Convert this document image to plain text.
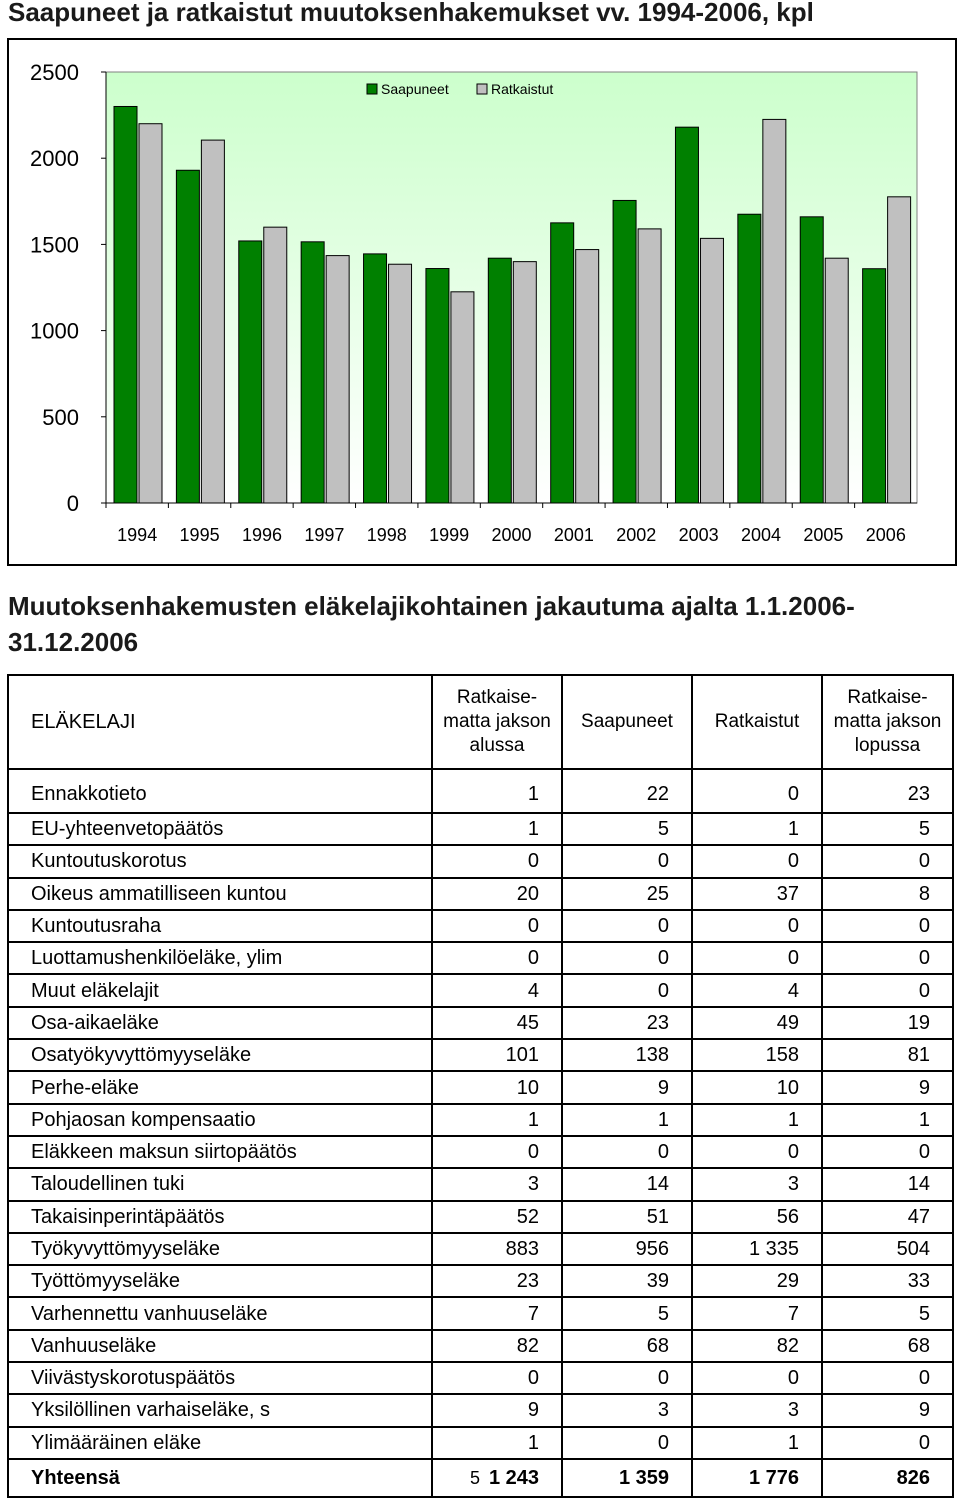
Saapuneet ja ratkaistut muutoksenhakemukset vv. 1994-2006, kpl
0
500
1000
1500
2000
2500
1994 1995 1996 1997 1998 1999 2000 2001 2002 2003 2004 2005 2006
Saapuneet	Ratkaistut
Muutoksenhakemusten eläkelajikohtainen jakautuma ajalta 1.1.2006- 31.12.2006
ELÄKELAJI	Ratkaise-
matta jakson
alussa	Saapuneet	Ratkaistut	Ratkaise-
matta jakson
lopussa
Ennakkotieto	1	22	0	23
EU-yhteenvetopäätös	1	5	1	5
Kuntoutuskorotus	0	0	0	0
Oikeus ammatilliseen kuntou	20	25	37	8
Kuntoutusraha	0	0	0	0
Luottamushenkilöeläke, ylim	0	0	0	0
Muut eläkelajit	4	0	4	0
Osa-aikaeläke	45	23	49	19
Osatyökyvyttömyyseläke	101	138	158	81
Perhe-eläke	10	9	10	9
Pohjaosan kompensaatio	1	1	1	1
Eläkkeen maksun siirtopäätös	0	0	0	0
Taloudellinen tuki	3	14	3	14
Takaisinperintäpäätös	52	51	56	47
Työkyvyttömyyseläke	883	956	1 335	504
Työttömyyseläke	23	39	29	33
Varhennettu vanhuuseläke	7	5	7	5
Vanhuuseläke	82	68	82	68
Viivästyskorotuspäätös	0	0	0	0
Yksilöllinen varhaiseläke, s	9	3	3	9
Ylimääräinen eläke	1	0	1	0
Yhteensä	1 243	1 359	1 776	826
5
